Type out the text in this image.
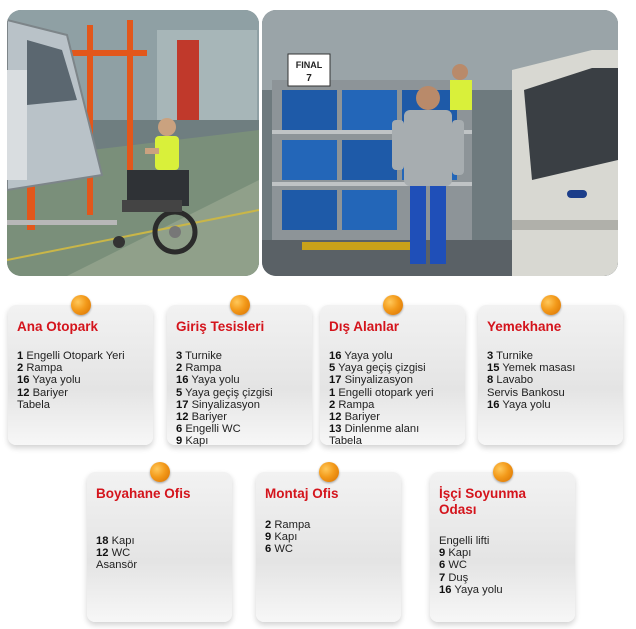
FINAL
7
Ana Otopark
1 Engelli Otopark Yeri
2 Rampa
16 Yaya yolu
12 Bariyer
Tabela
Giriş Tesisleri
3 Turnike
2 Rampa
16 Yaya yolu
5 Yaya geçiş çizgisi
17 Sinyalizasyon
12 Bariyer
6 Engelli WC
9 Kapı
Dış Alanlar
16 Yaya yolu
5 Yaya geçiş çizgisi
17 Sinyalizasyon
1 Engelli otopark yeri
2 Rampa
12 Bariyer
13 Dinlenme alanı
Tabela
Yemekhane
3 Turnike
15 Yemek masası
8 Lavabo
Servis Bankosu
16 Yaya yolu
Boyahane Ofis
18 Kapı
12 WC
Asansör
Montaj Ofis
2 Rampa
9 Kapı
6 WC
İşçi Soyunma Odası
Engelli lifti
9 Kapı
6 WC
7 Duş
16 Yaya yolu
